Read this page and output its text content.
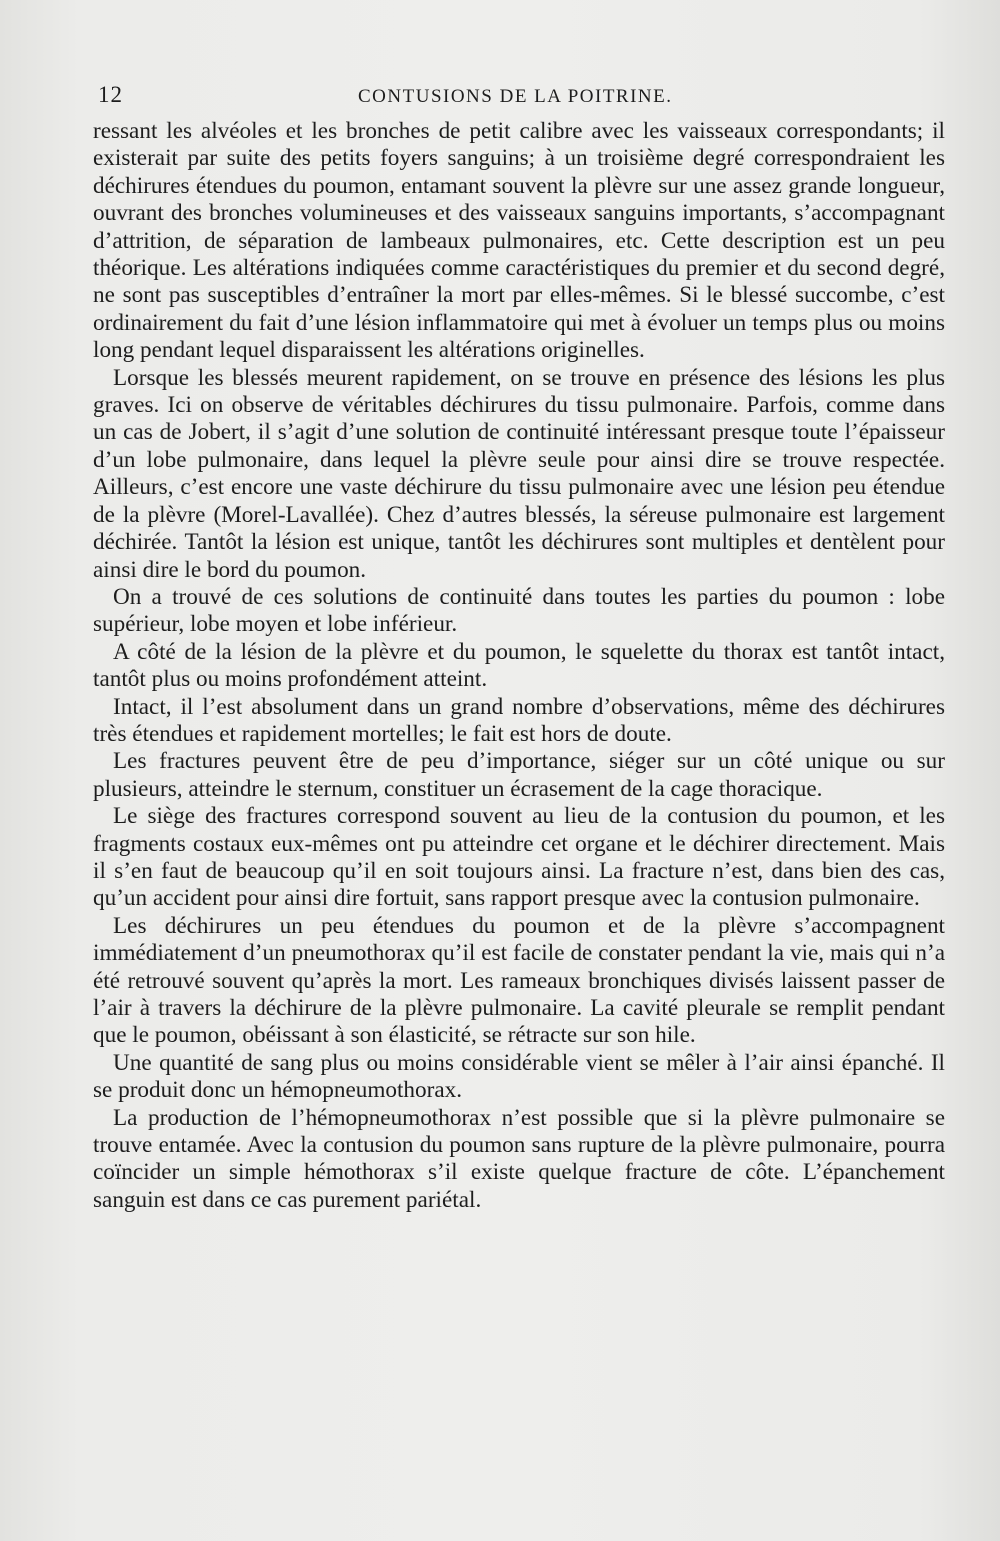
12	CONTUSIONS DE LA POITRINE.

ressant les alvéoles et les bronches de petit calibre avec les vaisseaux correspondants; il existerait par suite des petits foyers sanguins; à un troisième degré correspondraient les déchirures étendues du poumon, entamant souvent la plèvre sur une assez grande longueur, ouvrant des bronches volumineuses et des vaisseaux sanguins importants, s’accompagnant d’attrition, de séparation de lambeaux pulmonaires, etc. Cette description est un peu théorique. Les altérations indiquées comme caractéristiques du premier et du second degré, ne sont pas susceptibles d’entraîner la mort par elles-mêmes. Si le blessé succombe, c’est ordinairement du fait d’une lésion inflammatoire qui met à évoluer un temps plus ou moins long pendant lequel disparaissent les altérations originelles.

Lorsque les blessés meurent rapidement, on se trouve en présence des lésions les plus graves. Ici on observe de véritables déchirures du tissu pulmonaire. Parfois, comme dans un cas de Jobert, il s’agit d’une solution de continuité intéressant presque toute l’épaisseur d’un lobe pulmonaire, dans lequel la plèvre seule pour ainsi dire se trouve respectée. Ailleurs, c’est encore une vaste déchirure du tissu pulmonaire avec une lésion peu étendue de la plèvre (Morel-Lavallée). Chez d’autres blessés, la séreuse pulmonaire est largement déchirée. Tantôt la lésion est unique, tantôt les déchirures sont multiples et dentèlent pour ainsi dire le bord du poumon.

On a trouvé de ces solutions de continuité dans toutes les parties du poumon : lobe supérieur, lobe moyen et lobe inférieur.

A côté de la lésion de la plèvre et du poumon, le squelette du thorax est tantôt intact, tantôt plus ou moins profondément atteint.

Intact, il l’est absolument dans un grand nombre d’observations, même des déchirures très étendues et rapidement mortelles; le fait est hors de doute.

Les fractures peuvent être de peu d’importance, siéger sur un côté unique ou sur plusieurs, atteindre le sternum, constituer un écrasement de la cage thoracique.

Le siège des fractures correspond souvent au lieu de la contusion du poumon, et les fragments costaux eux-mêmes ont pu atteindre cet organe et le déchirer directement. Mais il s’en faut de beaucoup qu’il en soit toujours ainsi. La fracture n’est, dans bien des cas, qu’un accident pour ainsi dire fortuit, sans rapport presque avec la contusion pulmonaire.

Les déchirures un peu étendues du poumon et de la plèvre s’accompagnent immédiatement d’un pneumothorax qu’il est facile de constater pendant la vie, mais qui n’a été retrouvé souvent qu’après la mort. Les rameaux bronchiques divisés laissent passer de l’air à travers la déchirure de la plèvre pulmonaire. La cavité pleurale se remplit pendant que le poumon, obéissant à son élasticité, se rétracte sur son hile.

Une quantité de sang plus ou moins considérable vient se mêler à l’air ainsi épanché. Il se produit donc un hémopneumothorax.

La production de l’hémopneumothorax n’est possible que si la plèvre pulmonaire se trouve entamée. Avec la contusion du poumon sans rupture de la plèvre pulmonaire, pourra coïncider un simple hémothorax s’il existe quelque fracture de côte. L’épanchement sanguin est dans ce cas purement pariétal.
